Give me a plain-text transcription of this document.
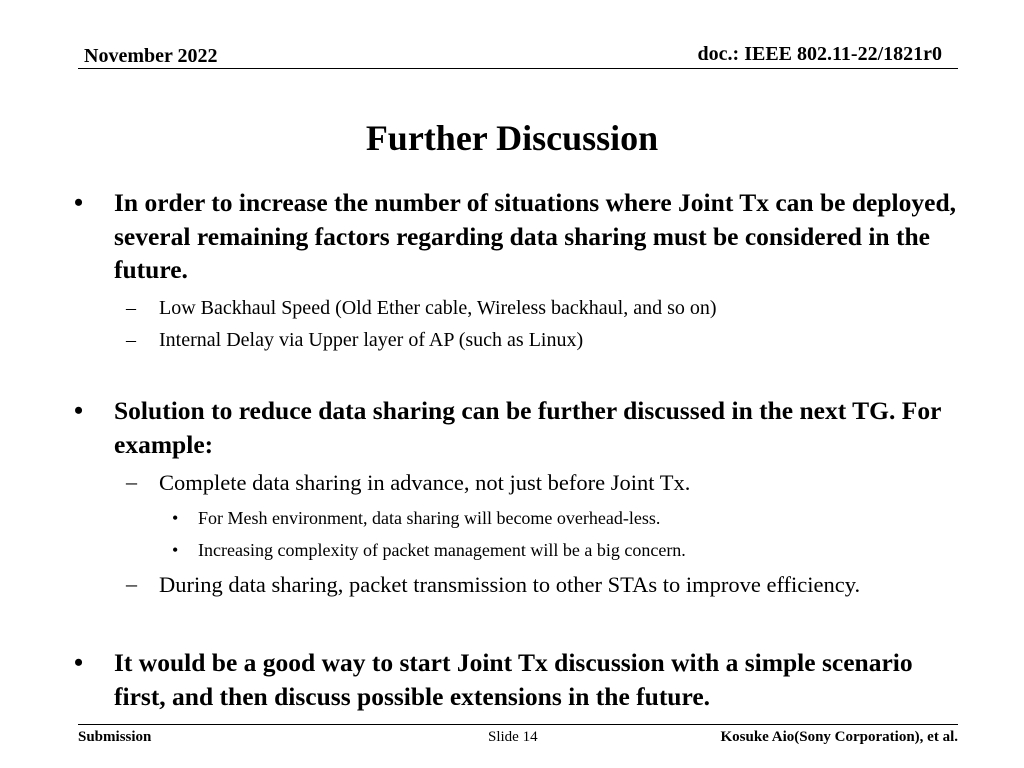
November 2022	doc.: IEEE 802.11-22/1821r0
Further Discussion
• In order to increase the number of situations where Joint Tx can be deployed, several remaining factors regarding data sharing must be considered in the future.
– Low Backhaul Speed (Old Ether cable, Wireless backhaul, and so on)
– Internal Delay via Upper layer of AP (such as Linux)
• Solution to reduce data sharing can be further discussed in the next TG. For example:
– Complete data sharing in advance, not just before Joint Tx.
• For Mesh environment, data sharing will become overhead-less.
• Increasing complexity of packet management will be a big concern.
– During data sharing, packet transmission to other STAs to improve efficiency.
• It would be a good way to start Joint Tx discussion with a simple scenario first, and then discuss possible extensions in the future.
Submission	Slide 14	Kosuke Aio(Sony Corporation), et al.
